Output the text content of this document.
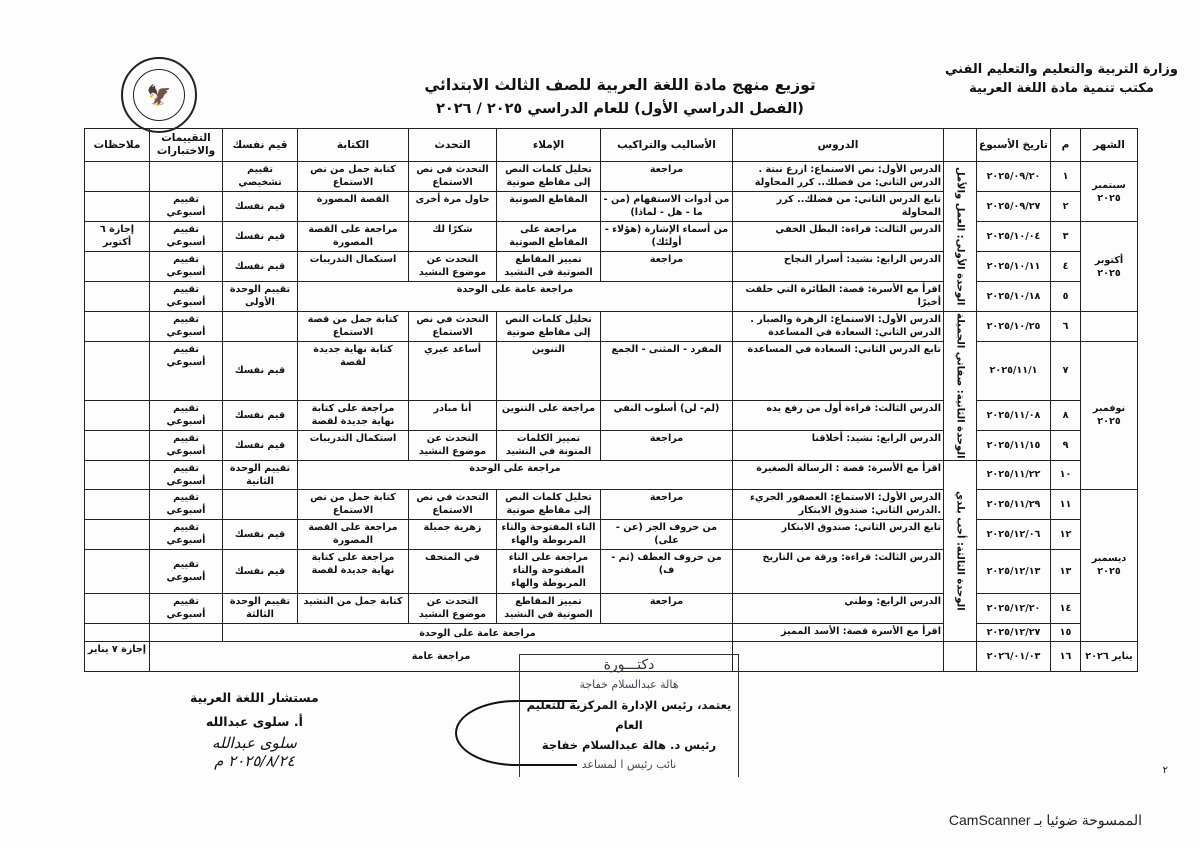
وزارة التربية والتعليم والتعليم الفني
مكتب تنمية مادة اللغة العربية
توزيع منهج مادة اللغة العربية للصف الثالث الابتدائي
(الفصل الدراسي الأول) للعام الدراسي ٢٠٢٥ / ٢٠٢٦
🦅
الشهر	م	تاريخ الأسبوع		الدروس	الأساليب والتراكيب	الإملاء	التحدث	الكتابة	قيم نفسك	التقييمات والاختبارات	ملاحظات
سبتمبر ٢٠٢٥	١	٢٠٢٥/٠٩/٢٠	الوحدة الأولى: العمل والأمل	الدرس الأول: نص الاستماع: ازرع نبتة . الدرس الثاني: من فضلك.. كرر المحاولة	مراجعة	تحليل كلمات النص إلى مقاطع صوتية	التحدث في نص الاستماع	كتابة جمل من نص الاستماع	تقييم تشخيصي		
	٢	٢٠٢٥/٠٩/٢٧		تابع الدرس الثاني: من فضلك.. كرر المحاولة	من أدوات الاستفهام (من - ما - هل - لماذا)	المقاطع الصوتية	حاول مرة أخرى	القصة المصورة	قيم نفسك	تقييم أسبوعي	
أكتوبر ٢٠٢٥	٣	٢٠٢٥/١٠/٠٤		الدرس الثالث: قراءة: البطل الخفي	من أسماء الإشارة (هؤلاء - أولئك)	مراجعة على المقاطع الصوتية	شكرًا لك	مراجعة على القصة المصورة	قيم نفسك	تقييم أسبوعي	إجازة ٦ أكتوبر
	٤	٢٠٢٥/١٠/١١		الدرس الرابع: نشيد: أسرار النجاح	مراجعة	تمييز المقاطع الصوتية في النشيد	التحدث عن موضوع النشيد	استكمال التدريبات	قيم نفسك	تقييم أسبوعي	
	٥	٢٠٢٥/١٠/١٨		اقرأ مع الأسرة: قصة: الطائرة التي حلقت أخيرًا	مراجعة عامة على الوحدة				تقييم الوحدة الأولى	تقييم أسبوعي	
	٦	٢٠٢٥/١٠/٢٥	الوحدة الثانية: صفاتي الجميلة	الدرس الأول: الاستماع: الزهرة والصبار . الدرس الثاني: السعادة في المساعدة		تحليل كلمات النص إلى مقاطع صوتية	التحدث في نص الاستماع	كتابة جمل من قصة الاستماع		تقييم أسبوعي	
نوفمبر ٢٠٢٥	٧	٢٠٢٥/١١/١		تابع الدرس الثاني: السعادة في المساعدة	المفرد - المثنى - الجمع	التنوين	أساعد غيري	كتابة نهاية جديدة لقصة	قيم نفسك	تقييم أسبوعي	
	٨	٢٠٢٥/١١/٠٨		الدرس الثالث: قراءة أول من رفع يده	(لم- لن) أسلوب النفي	مراجعة على التنوين	أنا مبادر	مراجعة على كتابة نهاية جديدة لقصة	قيم نفسك	تقييم أسبوعي	
	٩	٢٠٢٥/١١/١٥		الدرس الرابع: نشيد: أخلاقنا	مراجعة	تمييز الكلمات المنونة في النشيد	التحدث عن موضوع النشيد	استكمال التدريبات	قيم نفسك	تقييم أسبوعي	
	١٠	٢٠٢٥/١١/٢٢	الوحدة الثالثة: أحب بلدي	اقرأ مع الأسرة: قصة : الرسالة الصغيرة	مراجعة على الوحدة				تقييم الوحدة الثانية	تقييم أسبوعي	
ديسمبر ٢٠٢٥	١١	٢٠٢٥/١١/٢٩		الدرس الأول: الاستماع: العصفور الجريء .الدرس الثاني: صندوق الابتكار	مراجعة	تحليل كلمات النص إلى مقاطع صوتية	التحدث في نص الاستماع	كتابة جمل من نص الاستماع		تقييم أسبوعي	
	١٢	٢٠٢٥/١٢/٠٦		تابع الدرس الثاني: صندوق الابتكار	من حروف الجر (عن - على)	التاء المفتوحة والتاء المربوطة والهاء	زهرية جميلة	مراجعة على القصة المصورة	قيم نفسك	تقييم أسبوعي	
	١٣	٢٠٢٥/١٢/١٣		الدرس الثالث: قراءة: ورقة من التاريخ	من حروف العطف (ثم - ف)	مراجعة على التاء المفتوحة والتاء المربوطة والهاء	في المتحف	مراجعة على كتابة نهاية جديدة لقصة	قيم نفسك	تقييم أسبوعي	
	١٤	٢٠٢٥/١٢/٢٠		الدرس الرابع: وطني	مراجعة	تمييز المقاطع الصوتية في النشيد	التحدث عن موضوع النشيد	كتابة جمل من النشيد	تقييم الوحدة الثالثة	تقييم أسبوعي	
	١٥	٢٠٢٥/١٢/٢٧		اقرأ مع الأسرة قصة: الأسد المميز	مراجعة عامة على الوحدة						
يناير ٢٠٢٦	١٦	٢٠٢٦/٠١/٠٣			مراجعة عامة						إجازة ٧ يناير
مستشار اللغة العربية
أ. سلوى عبدالله
سلوى عبدالله
٢٠٢٥/٨/٢٤ م
دكتـــورة
هالة عبدالسلام خفاجة
يعتمد، رئيس الإدارة المركزية للتعليم العام
رئيس د. هالة عبدالسلام خفاجة
نائب رئيس ا لمساعد	٢
الممسوحة ضوئيا بـ CamScanner
